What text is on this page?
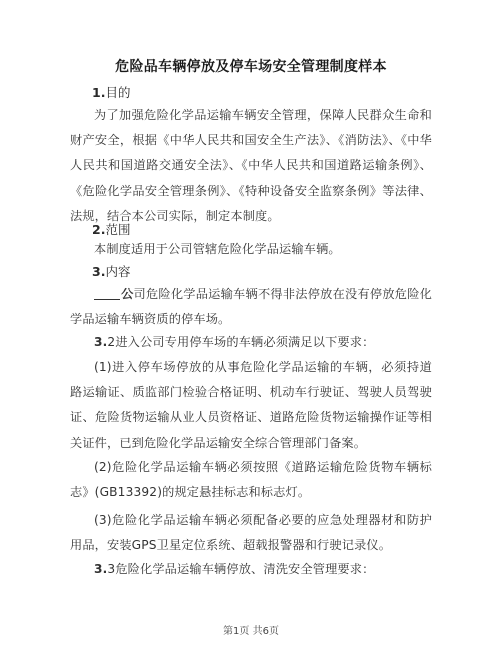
危险品车辆停放及停车场安全管理制度样本
1.目的
为了加强危险化学品运输车辆安全管理，保障人民群众生命和财产安全，根据《中华人民共和国安全生产法》、《消防法》、《中华人民共和国道路交通安全法》、《中华人民共和国道路运输条例》、《危险化学品安全管理条例》、《特种设备安全监察条例》等法律、法规，结合本公司实际，制定本制度。
2.范围
本制度适用于公司管辖危险化学品运输车辆。
3.内容
公司危险化学品运输车辆不得非法停放在没有停放危险化学品运输车辆资质的停车场。
3.2进入公司专用停车场的车辆必须满足以下要求：
(1)进入停车场停放的从事危险化学品运输的车辆，必须持道路运输证、质监部门检验合格证明、机动车行驶证、驾驶人员驾驶证、危险货物运输从业人员资格证、道路危险货物运输操作证等相关证件，已到危险化学品运输安全综合管理部门备案。
(2)危险化学品运输车辆必须按照《道路运输危险货物车辆标志》(GB13392)的规定悬挂标志和标志灯。
(3)危险化学品运输车辆必须配备必要的应急处理器材和防护用品，安装GPS卫星定位系统、超载报警器和行驶记录仪。
3.3危险化学品运输车辆停放、清洗安全管理要求：
第1页 共6页
